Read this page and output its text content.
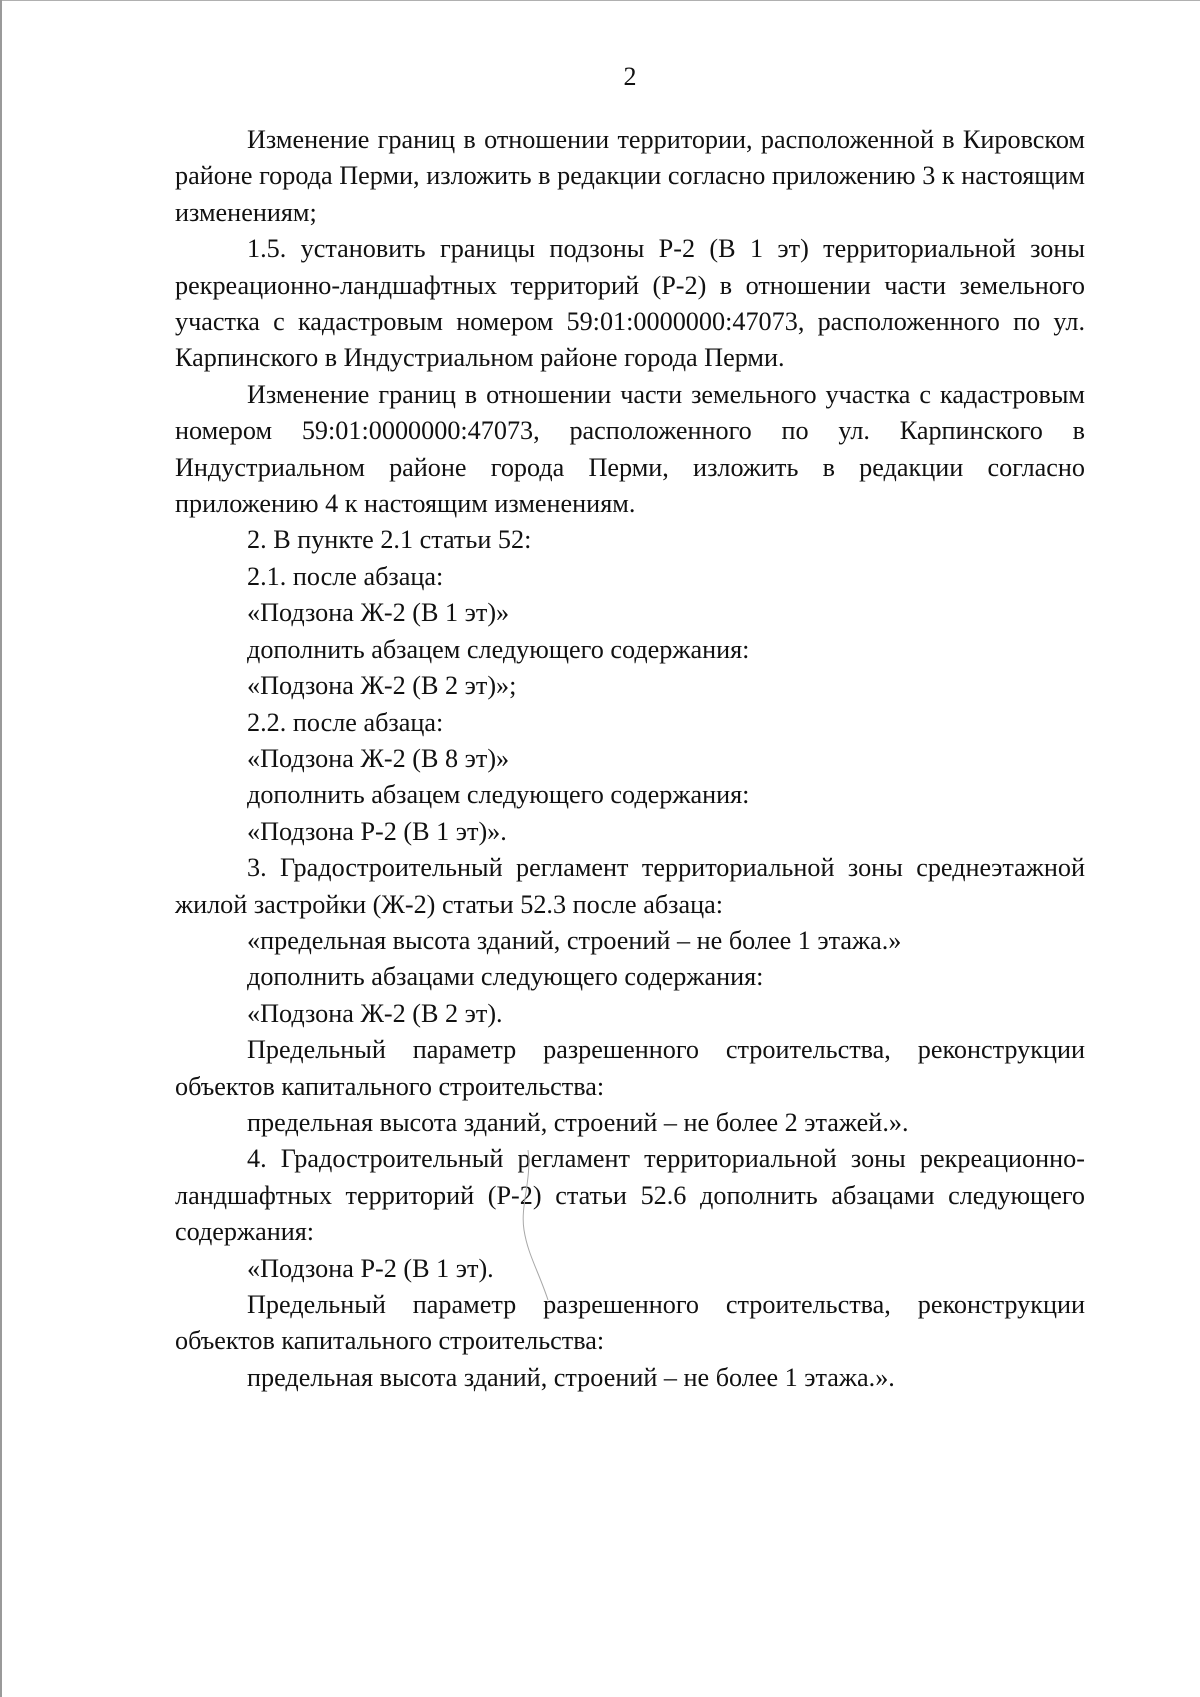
2

Изменение границ в отношении территории, расположенной в Кировском районе города Перми, изложить в редакции согласно приложению 3 к настоящим изменениям;

1.5. установить границы подзоны Р-2 (В 1 эт) территориальной зоны рекреационно-ландшафтных территорий (Р-2) в отношении части земельного участка с кадастровым номером 59:01:0000000:47073, расположенного по ул. Карпинского в Индустриальном районе города Перми.

Изменение границ в отношении части земельного участка с кадастровым номером 59:01:0000000:47073, расположенного по ул. Карпинского в Индустриальном районе города Перми, изложить в редакции согласно приложению 4 к настоящим изменениям.

2. В пункте 2.1 статьи 52:

2.1. после абзаца:

«Подзона Ж-2 (В 1 эт)»

дополнить абзацем следующего содержания:

«Подзона Ж-2 (В 2 эт)»;

2.2. после абзаца:

«Подзона Ж-2 (В 8 эт)»

дополнить абзацем следующего содержания:

«Подзона Р-2 (В 1 эт)».

3. Градостроительный регламент территориальной зоны среднеэтажной жилой застройки (Ж-2) статьи 52.3 после абзаца:

«предельная высота зданий, строений – не более 1 этажа.»

дополнить абзацами следующего содержания:

«Подзона Ж-2 (В 2 эт).

Предельный параметр разрешенного строительства, реконструкции объектов капитального строительства:

предельная высота зданий, строений – не более 2 этажей.».

4. Градостроительный регламент территориальной зоны рекреационно-ландшафтных территорий (Р-2) статьи 52.6 дополнить абзацами следующего содержания:

«Подзона Р-2 (В 1 эт).

Предельный параметр разрешенного строительства, реконструкции объектов капитального строительства:

предельная высота зданий, строений – не более 1 этажа.».
